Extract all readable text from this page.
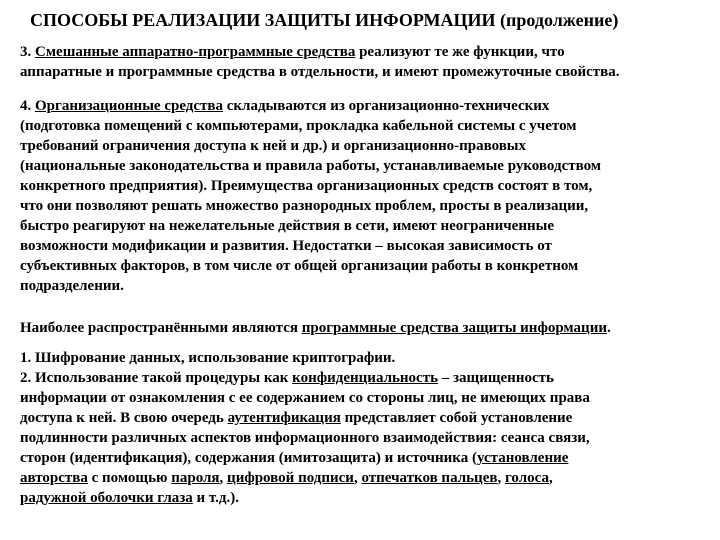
СПОСОБЫ РЕАЛИЗАЦИИ ЗАЩИТЫ ИНФОРМАЦИИ (продолжение)
3. Смешанные аппаратно-программные средства реализуют те же функции, что
аппаратные и программные средства в отдельности, и имеют промежуточные свойства.
4. Организационные средства складываются из организационно-технических
(подготовка помещений с компьютерами, прокладка кабельной системы с учетом
требований ограничения доступа к ней и др.) и организационно-правовых
(национальные законодательства и правила работы, устанавливаемые руководством
конкретного предприятия). Преимущества организационных средств состоят в том,
что они позволяют решать множество разнородных проблем, просты в реализации,
быстро реагируют на нежелательные действия в сети, имеют неограниченные
возможности модификации и развития. Недостатки – высокая зависимость от
субъективных факторов, в том числе от общей организации работы в конкретном
подразделении.
Наиболее распространёнными являются программные средства защиты информации.
1. Шифрование данных, использование криптографии.
2. Использование такой процедуры как конфиденциальность – защищенность
информации от ознакомления с ее содержанием со стороны лиц, не имеющих права
доступа к ней. В свою очередь аутентификация представляет собой установление
подлинности различных аспектов информационного взаимодействия: сеанса связи,
сторон (идентификация), содержания (имитозащита) и источника (установление
авторства с помощью пароля, цифровой подписи, отпечатков пальцев, голоса,
радужной оболочки глаза и т.д.).
